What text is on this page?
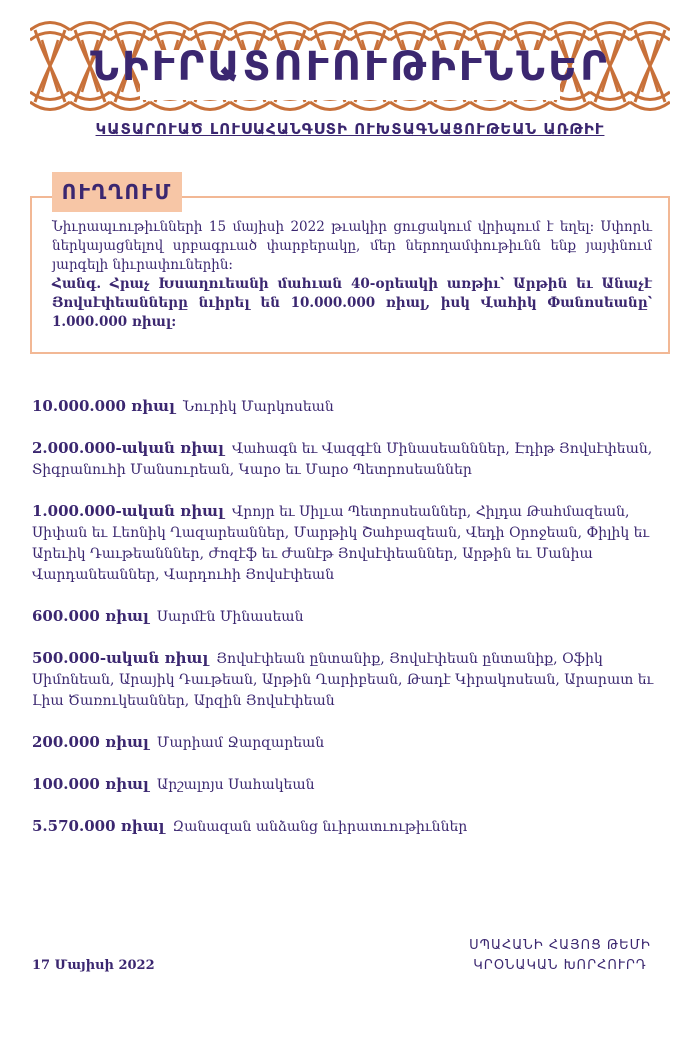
ՆԻՒՐԱՏՈՒՈՒԹԻՒՆՆԵՐ
ԿԱՏԱՐՈՒԱԾ ԼՈՒՍԱՀԱՆԳՍՏԻ ՈՒԽՏԱԳՆԱՑՈՒԹԵԱՆ ԱՌԹԻՒ
ՈՒՂՂՈՒՄ
Նիւրապւութիւնների 15 մայիսի 2022 թւակիր ցուցակում վրիպում է եղել: Սփորև ներկայացնելով սրբագրւած փարբերակը, մեր ներողամփութիւնն ենք յայփնում յարգելի նիւրափուներին:
Հանգ. Հրաչ Խսաղուեանի մահւան 40-օրեակի առթիւ՝ Արթին եւ Անաչէ Յովսէփեանները նւիրել են 10.000.000 ռիալ, իսկ Վահիկ Փանոսեանը՝ 1.000.000 ռիալ:
10.000.000 ռիալ Նուրիկ Մարկոսեան
2.000.000-ական ռիալ Վահագն եւ Վազգէն Մինասեանններ, Էդիթ Յովսէփեան, Տիգրանուհի Մանսուրեան, Կարօ եւ Մարօ Պետրոսեաններ
1.000.000-ական ռիալ Վրոյր եւ Սիլւա Պետրոսեաններ, Հիլդա Թահմազեան, Սիփան եւ Լեոնիկ Ղազարեաններ, Մարթիկ Շահբազեան, Վեդի Օրոջեան, Փիլիկ եւ Արեւիկ Դաւթեանններ, Ժոզէֆ եւ Ժանէթ Յովսէփեաններ, Արթին եւ Մանիա Վարդանեաններ, Վարդուհի Յովսէփեան
600.000 ռիալ Սարմէն Մինասեան
500.000-ական ռիալ Յովսէփեան ընտանիք, Յովսէփեան ընտանիք, Օֆիկ Սիմոնեան, Արայիկ Դաւթեան, Արթին Ղարիբեան, Թադէ Կիրակոսեան, Արարատ եւ Լիա Ծառուկեաններ, Արզին Յովսէփեան
200.000 ռիալ Մարիամ Ջարզարեան
100.000 ռիալ Արշալոյս Սահակեան
5.570.000 ռիալ Զանազան անձանց նւիրատւութիւններ
17 Մայիսի 2022
ՍՊԱՀԱՆԻ ՀԱՅՈՑ ԹԵՄԻ
ԿՐՕՆԱԿԱՆ ԽՈՐՀՈՒՐԴ
